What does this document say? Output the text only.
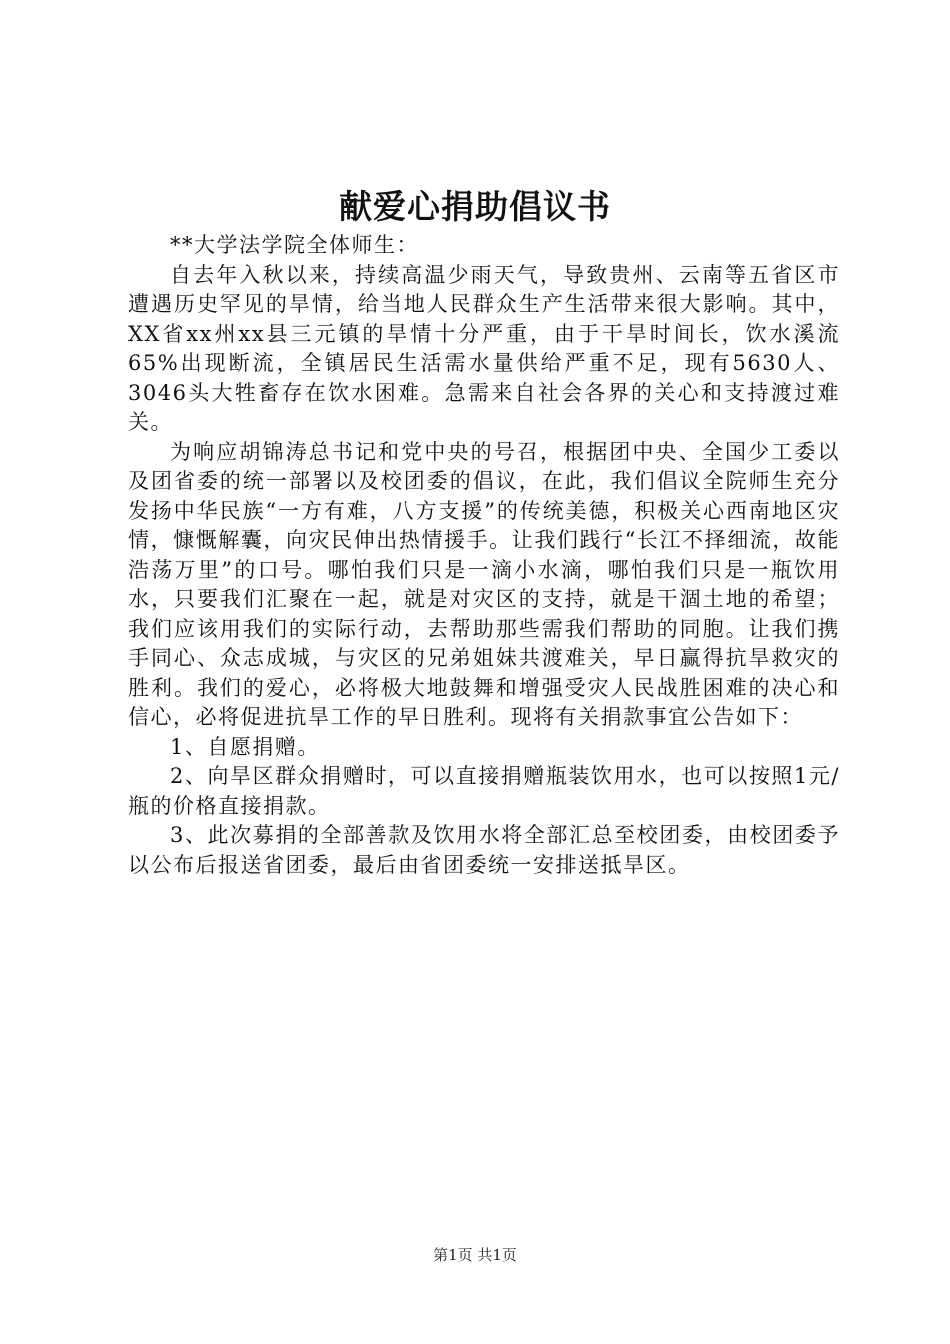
献爱心捐助倡议书

**大学法学院全体师生：

自去年入秋以来，持续高温少雨天气，导致贵州、云南等五省区市遭遇历史罕见的旱情，给当地人民群众生产生活带来很大影响。其中，XX省xx州xx县三元镇的旱情十分严重，由于干旱时间长，饮水溪流65%出现断流，全镇居民生活需水量供给严重不足，现有5630人、3046头大牲畜存在饮水困难。急需来自社会各界的关心和支持渡过难关。

为响应胡锦涛总书记和党中央的号召，根据团中央、全国少工委以及团省委的统一部署以及校团委的倡议，在此，我们倡议全院师生充分发扬中华民族“一方有难，八方支援”的传统美德，积极关心西南地区灾情，慷慨解囊，向灾民伸出热情援手。让我们践行“长江不择细流，故能浩荡万里”的口号。哪怕我们只是一滴小水滴，哪怕我们只是一瓶饮用水，只要我们汇聚在一起，就是对灾区的支持，就是干涸土地的希望；我们应该用我们的实际行动，去帮助那些需我们帮助的同胞。让我们携手同心、众志成城，与灾区的兄弟姐妹共渡难关，早日赢得抗旱救灾的胜利。我们的爱心，必将极大地鼓舞和增强受灾人民战胜困难的决心和信心，必将促进抗旱工作的早日胜利。现将有关捐款事宜公告如下：

1、自愿捐赠。

2、向旱区群众捐赠时，可以直接捐赠瓶装饮用水，也可以按照1元/瓶的价格直接捐款。

3、此次募捐的全部善款及饮用水将全部汇总至校团委，由校团委予以公布后报送省团委，最后由省团委统一安排送抵旱区。

第1页 共1页
